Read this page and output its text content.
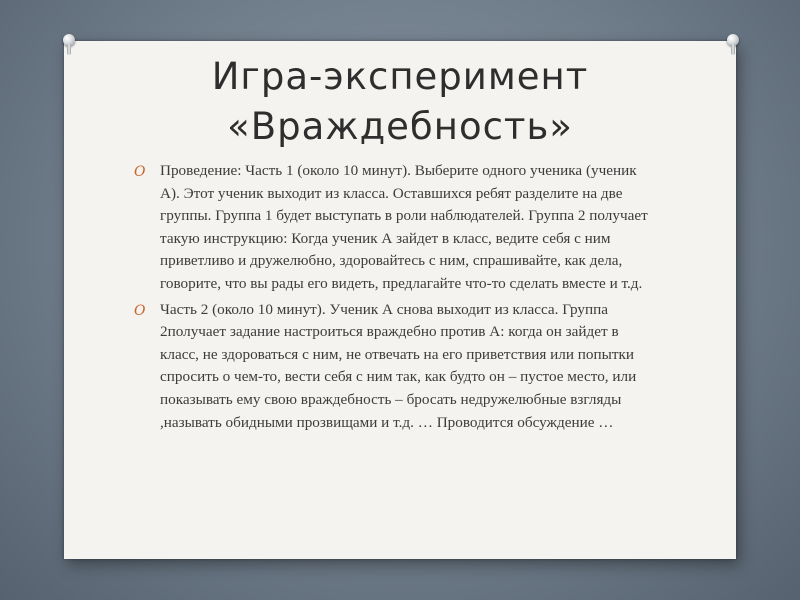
Игра-эксперимент
«Враждебность»
O Проведение: Часть 1 (около 10 минут). Выберите одного ученика (ученик А). Этот ученик выходит из класса. Оставшихся ребят разделите на две группы. Группа 1 будет выступать в роли наблюдателей. Группа 2 получает такую инструкцию: Когда ученик А зайдет в класс, ведите себя с ним приветливо и дружелюбно, здоровайтесь с ним, спрашивайте, как дела, говорите, что вы рады его видеть, предлагайте что-то сделать вместе и т.д.
O Часть 2 (около 10 минут). Ученик А снова выходит из класса. Группа 2получает задание настроиться враждебно против А: когда он зайдет в класс, не здороваться с ним, не отвечать на его приветствия или попытки спросить о чем-то, вести себя с ним так, как будто он – пустое место, или показывать ему свою враждебность – бросать недружелюбные взгляды ,называть обидными прозвищами и т.д. … Проводится обсуждение …
